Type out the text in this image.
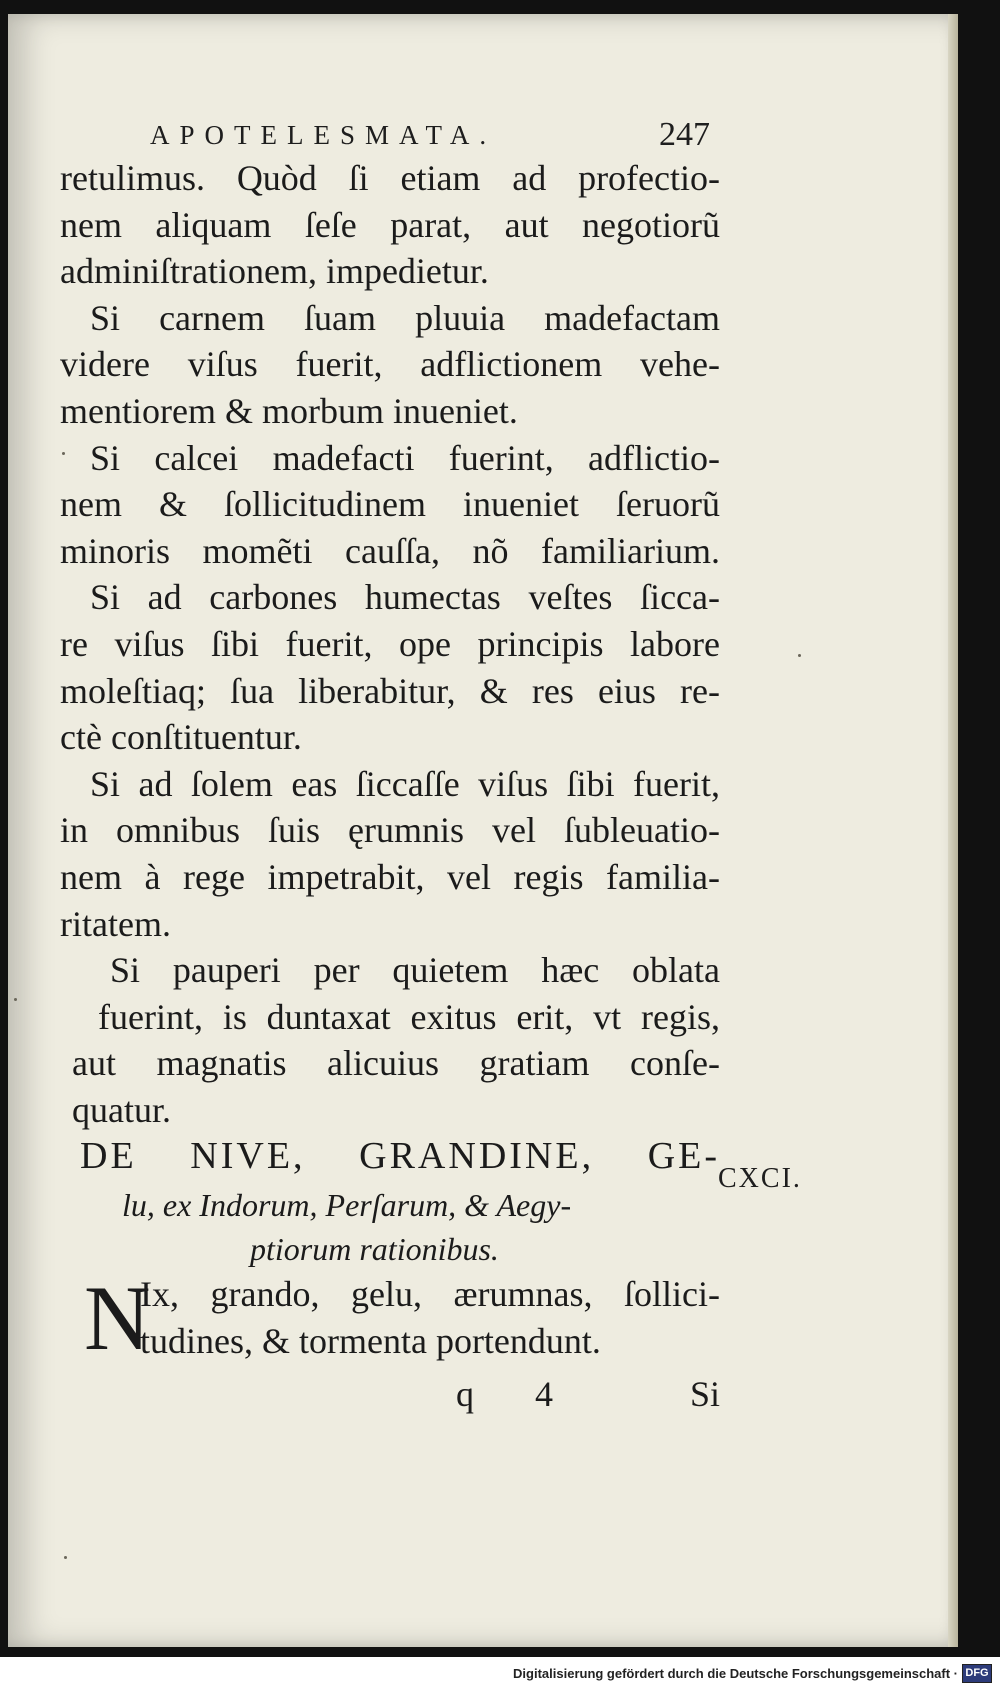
APOTELESMATA.	247
retulimus. Quòd ſi etiam ad profectio-
nem aliquam ſeſe parat, aut negotiorũ
adminiſtrationem, impedietur.
Si carnem ſuam pluuia madefactam
videre viſus fuerit, adflictionem vehe-
mentiorem & morbum inueniet.
Si calcei madefacti fuerint, adflictio-
nem & ſollicitudinem inueniet ſeruorũ
minoris momẽti cauſſa, nõ familiarium.
Si ad carbones humectas veſtes ſicca-
re viſus ſibi fuerit, ope principis labore
moleſtiaq; ſua liberabitur, & res eius re-
ctè conſtituentur.
Si ad ſolem eas ſiccaſſe viſus ſibi fuerit,
in omnibus ſuis ęrumnis vel ſubleuatio-
nem à rege impetrabit, vel regis familia-
ritatem.
Si pauperi per quietem hæc oblata
fuerint, is duntaxat exitus erit, vt regis,
aut magnatis alicuius gratiam conſe-
quatur.
DE NIVE, GRANDINE, GE-
lu, ex Indorum, Perſarum, & Aegy-
ptiorum rationibus.
N
Ix, grando, gelu, ærumnas, ſollici-
tudines, & tormenta portendunt.
CXCI.
q 4	Si
Digitalisierung gefördert durch die Deutsche Forschungsgemeinschaft · DFG
